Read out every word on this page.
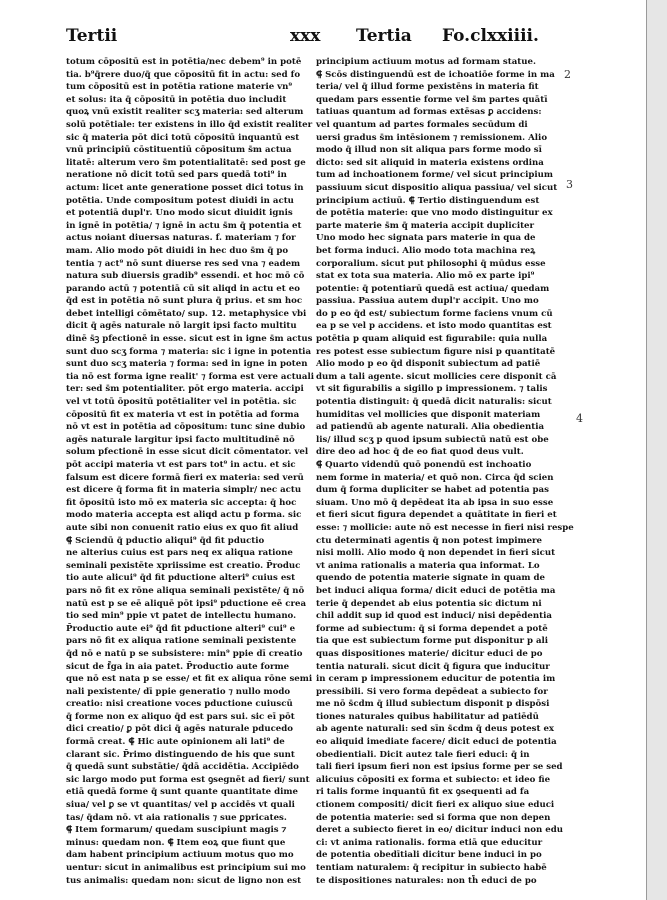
Tertii	xxx Tertia Fo.clxxiiii.

totum cōpositū est in potētia/nec debem⁹ in potē

tia. b⁹q̄rere duo/q̄ que cōpositū fit in actu: sed fo

tum cōpositū est in potētia ratione materie vn⁹

et solus: ita q̄ cōpositū in potētia duo includit

quoꝝ vnū existit realiter scʒ materia: sed alterum

solū potētiale: ter existens in illo q̄d existit realiter

sic q̄ materia pōt dici totū cōpositū inquantū est

vnū principiū cōstituentiū cōpositum s̄m actua

litatē: alterum vero s̄m potentialitatē: sed post ge

neratione nō dicit totū sed pars quedā toti⁹ in

actum: licet ante generatione posset dici totus in

potētia. Unde compositum potest diuidi in actu

et potentiā dupl'r. Uno modo sicut diuidit ignis

in ignē in potētia/ ⁊ ignē in actu s̄m q̄ potentia et

actus noiant diuersas naturas. f. materiam ⁊ for

mam. Alio modo pōt diuidi in hec duo s̄m q̄ po

tentia ⁊ act⁹ nō sunt diuerse res sed vna ⁊ eadem

natura sub diuersis gradib⁹ essendi. et hoc mō cō

parando actū ⁊ potentiā cū sit aliqd in actu et eo

q̄d est in potētia nō sunt plura q̄ prius. et sm hoc

debet intelligi cōmētato/ sup. 12. metaphysice vbi

dicit q̄ agēs naturale nō largit ipsi facto multitu

dinē s̄ꝫ pfectionē in esse. sicut est in igne s̄m actus

sunt duo scʒ forma ⁊ materia: sic i igne in potentia

sunt duo scʒ materia ⁊ forma: sed in igne in poten

tia nō est forma igne realit' ⁊ forma est vere actuali

ter: sed s̄m potentialiter. pōt ergo materia. accipi

vel vt totū ōpositū potētialiter vel in potētia. sic

cōpositū fit ex materia vt est in potētia ad forma

nō vt est in potētia ad cōpositum: tunc sine dubio

agēs naturale largitur ipsi facto multitudinē nō

solum pfectionē in esse sicut dicit cōmentator. vel

pōt accipi materia vt est pars tot⁹ in actu. et sic

falsum est dicere formā fieri ex materia: sed verū

est dicere q̄ forma fit in materia simplr/ nec actu

fit ōpositū isto mō ex materia sic accepta: q̄ hoc

modo materia accepta est aliqd actu p forma. sic

aute sibi non conuenit ratio eius ex quo fit aliud

⸿ Sciendū q̄ pductio aliqui⁹ q̄d fit pductio

ne alterius cuius est pars neq ex aliqua ratione

seminali pexistēte xpriissime est creatio. P̄roduc

tio aute alicui⁹ q̄d fit pductione alteri⁹ cuius est

pars nō fit ex rōne aliqua seminali pexistēte/ q̄ nō

natū est p se eē aliquē pōt ipsi⁹ pductione eē crea

tio sed min⁹ ppie vt patet de intellectu humano.

P̄roductio aute ei⁹ q̄d fit pductione alteri⁹ cui⁹ e

pars nō fit ex aliqua ratione seminali pexistente

q̄d nō e natū p se subsistere: min⁹ ppie dī creatio

sicut de f̄ga in aia patet. P̄roductio aute forme

que nō est nata p se esse/ et fit ex aliqua rōne semi

nali pexistente/ dī ppie generatio ⁊ nullo modo

creatio: nisi creatione voces pductione cuiuscū

q̄ forme non ex aliquo q̄d est pars sui. sic eī pōt

dici creatio/ ꝑ pōt dici q̄ agēs naturale pducedo

formā creat. ⸿ Hic aute opinionem ali lati⁹ de

clarant sic. P̄rimo distinguendo de his que sunt

q̄ quedā sunt substātie/ q̄dā accidētia. Accipiēdo

sic largo modo put forma est ꝯsegnēt ad fieri/ sunt

etiā quedā forme q̄ sunt quante quantitate dime

siua/ vel ꝑ se vt quantitas/ vel p accidēs vt quali

tas/ q̄dam nō. vt aia rationalis ⁊ sue ꝑpricates.

⸿ Item formarum/ quedam suscipiunt magis ⁊

minus: quedam non. ⸿ Item eoꝝ que fiunt que

dam habent principium actiuum motus quo mo

uentur: sicut in animalibus est principium sui mo

tus animalis: quedam non: sicut de ligno non est

principium actiuum motus ad formam statue.

⸿ Scōs distinguendū est de ichoatiōe forme in ma

teria/ vel q̄ illud forme pexistēns in materia fit

quedam pars essentie forme vel s̄m partes quātī

tatiuas quantum ad formas extēsas ꝑ accidens:

vel quantum ad partes formales secūdum di

uersi gradus s̄m intēsionem ⁊ remissionem. Alio

modo q̄ illud non sit aliqua pars forme modo sī

dicto: sed sit aliquid in materia existens ordina

tum ad inchoationem forme/ vel sicut principium

passiuum sicut dispositio aliqua passiua/ vel sicut

principium actiuū. ⸿ Tertio distinguendum est

de potētia materie: que vno modo distinguitur ex

parte materie s̄m q̄ materia accipit dupliciter

Uno modo hec signata pars materie in qua de

bet forma induci. Alio modo tota machina reꝝ

corporalium. sicut put philosophi q̄ mūdus esse

stat ex tota sua materia. Alio mō ex parte ipi⁹

potentie: q̄ potentiarū quedā est actiua/ quedam

passiua. Passiua autem dupl'r accipit. Uno mo

do p eo q̄d est/ subiectum forme faciens vnum cū

ea p se vel p accidens. et isto modo quantitas est

potētia p quam aliquid est figurabile: quia nulla

res potest esse subiectum figure nisi p quantitatē

Alio modo p eo q̄d disponit subiectum ad patiē

dum a tali agente. sicut mollicies cere disponit cā

vt sit figurabilis a sigillo p impressionem. ⁊ talis

potentia distinguit: q̄ quedā dicit naturalis: sicut

humiditas vel mollicies que disponit materiam

ad patiendū ab agente naturali. Alia obedientia

lis/ illud scʒ p quod ipsum subiectū natū est obe

dire deo ad hoc q̄ de eo fiat quod deus vult.

⸿ Quarto videndū quō ponendū est inchoatio

nem forme in materia/ et quō non. Circa q̄d scien

dum q̄ forma dupliciter se habet ad potentia pas

siuam. Uno mō q̄ depēdeat ita ab ipsa in suo esse

et fieri sicut figura dependet a quātitate in fieri et

esse: ⁊ mollicie: aute nō est necesse in fieri nisi respe

ctu determinati agentis q̄ non potest impimere

nisi molli. Alio modo q̄ non dependet in fieri sicut

vt anima rationalis a materia qua informat. Lo

quendo de potentia materie signate in quam de

bet induci aliqua forma/ dicit educi de potētia ma

terie q̄ dependet ab eius potentia sic dictum ni

chil addit sup id quod est induci/ nisi depēdentia

forme ad subiectum: q̄ si forma dependet a potē

tia que est subiectum forme put disponitur p ali

quas dispositiones materie/ dicitur educi de po

tentia naturali. sicut dicit q̄ figura que inducitur

in ceram p impressionem educitur de potentia im

pressibili. Si vero forma depēdeat a subiecto for

me nō s̄cdm q̄ illud subiectum disponit p dispōsi

tiones naturales quibus habilitatur ad patiēdū

ab agente naturali: sed sīn s̄cdm q̄ deus potest ex

eo aliquid imediate facere/ dicit educi de potentia

obedientiali. Dicit autez tale fieri educi: q̄ in

tali fieri ipsum fieri non est ipsius forme per se sed

alicuius cōpositi ex forma et subiecto: et ideo fie

ri talis forme inquantū fit ex ꝯsequenti ad fa

ctionem compositi/ dicit fieri ex aliquo siue educi

de potentia materie: sed si forma que non depen

deret a subiecto fieret in eo/ dicitur induci non edu

ci: vt anima rationalis. forma etiā que educitur

de potentia obedītiali dicitur bene induci in po

tentiam naturalem: q̄ recipitur in subiecto habē

te dispositiones naturales: non th̄ educi de po

2
3
4
